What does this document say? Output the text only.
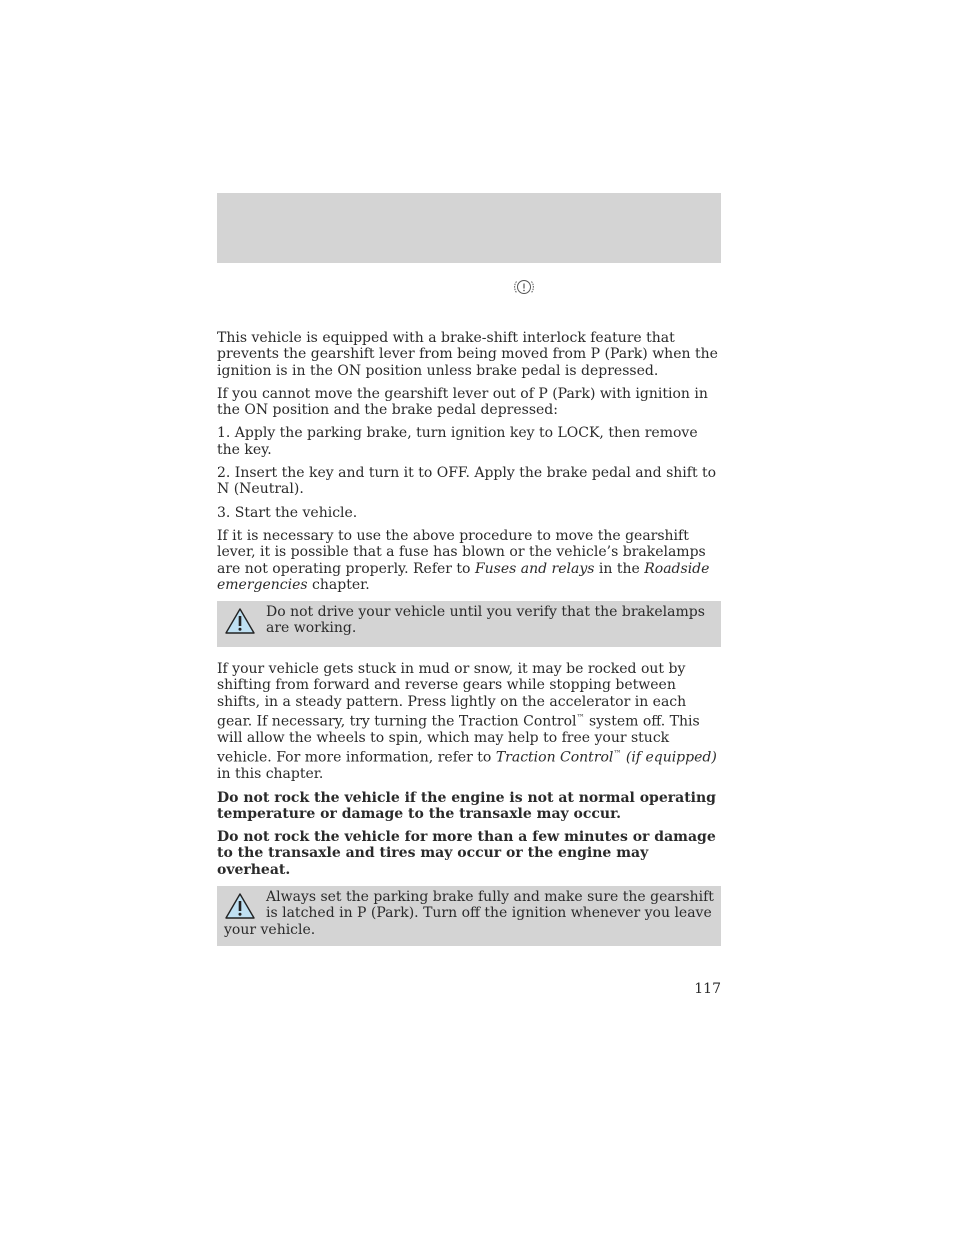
This vehicle is equipped with a brake-shift interlock feature that prevents the gearshift lever from being moved from P (Park) when the ignition is in the ON position unless brake pedal is depressed.

If you cannot move the gearshift lever out of P (Park) with ignition in the ON position and the brake pedal depressed:

1. Apply the parking brake, turn ignition key to LOCK, then remove the key.

2. Insert the key and turn it to OFF. Apply the brake pedal and shift to N (Neutral).

3. Start the vehicle.

If it is necessary to use the above procedure to move the gearshift lever, it is possible that a fuse has blown or the vehicle’s brakelamps are not operating properly. Refer to Fuses and relays in the Roadside emergencies chapter.

Do not drive your vehicle until you verify that the brakelamps are working.

If your vehicle gets stuck in mud or snow, it may be rocked out by shifting from forward and reverse gears while stopping between shifts, in a steady pattern. Press lightly on the accelerator in each gear. If necessary, try turning the Traction Control™ system off. This will allow the wheels to spin, which may help to free your stuck vehicle. For more information, refer to Traction Control™ (if equipped) in this chapter.

Do not rock the vehicle if the engine is not at normal operating temperature or damage to the transaxle may occur.

Do not rock the vehicle for more than a few minutes or damage to the transaxle and tires may occur or the engine may overheat.

Always set the parking brake fully and make sure the gearshift is latched in P (Park). Turn off the ignition whenever you leave your vehicle.
117
